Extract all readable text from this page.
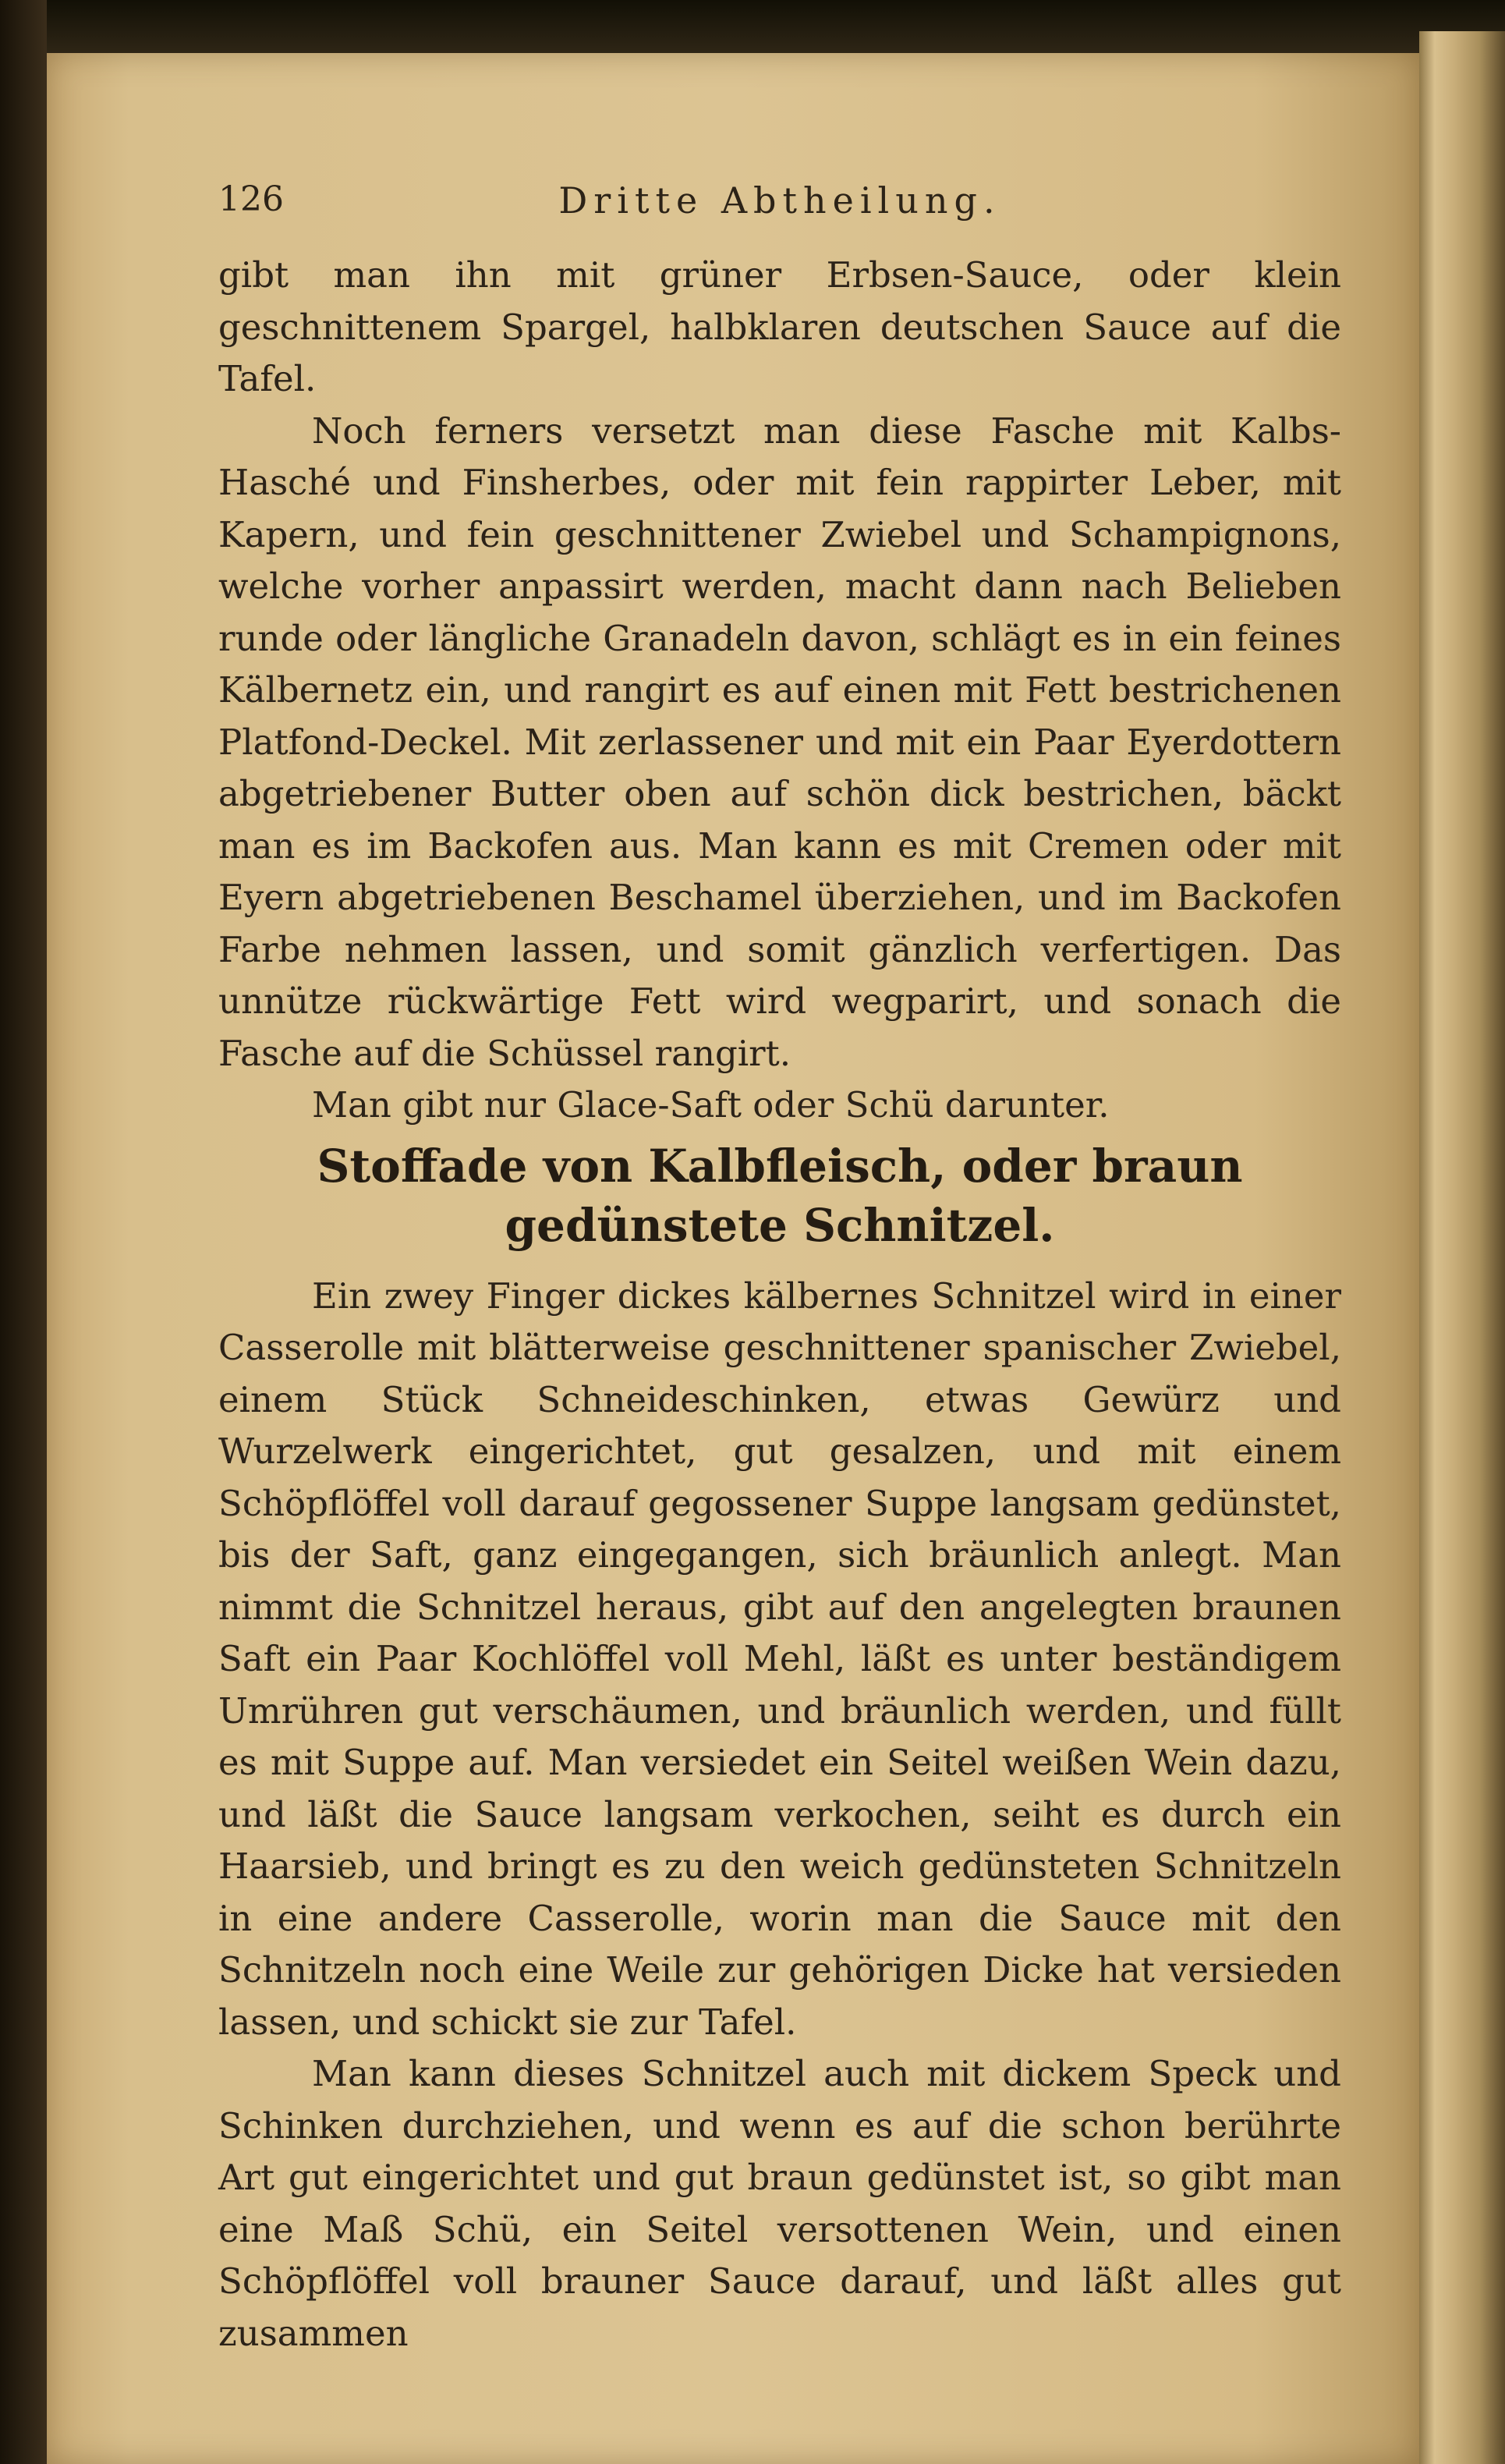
126	Dritte Abtheilung.

gibt man ihn mit grüner Erbsen-Sauce, oder klein geschnittenem Spargel, halbklaren deutschen Sauce auf die Tafel.

Noch ferners versetzt man diese Fasche mit Kalbs-Hasché und Finsherbes, oder mit fein rappirter Leber, mit Kapern, und fein geschnittener Zwiebel und Schampignons, welche vorher anpassirt werden, macht dann nach Belieben runde oder längliche Granadeln davon, schlägt es in ein feines Kälbernetz ein, und rangirt es auf einen mit Fett bestrichenen Platfond-Deckel. Mit zerlassener und mit ein Paar Eyerdottern abgetriebener Butter oben auf schön dick bestrichen, bäckt man es im Backofen aus. Man kann es mit Cremen oder mit Eyern abgetriebenen Beschamel überziehen, und im Backofen Farbe nehmen lassen, und somit gänzlich verfertigen. Das unnütze rückwärtige Fett wird wegparirt, und sonach die Fasche auf die Schüssel rangirt.

Man gibt nur Glace-Saft oder Schü darunter.

Stoffade von Kalbfleisch, oder braun gedünstete Schnitzel.

Ein zwey Finger dickes kälbernes Schnitzel wird in einer Casserolle mit blätterweise geschnittener spanischer Zwiebel, einem Stück Schneideschinken, etwas Gewürz und Wurzelwerk eingerichtet, gut gesalzen, und mit einem Schöpflöffel voll darauf gegossener Suppe langsam gedünstet, bis der Saft, ganz eingegangen, sich bräunlich anlegt. Man nimmt die Schnitzel heraus, gibt auf den angelegten braunen Saft ein Paar Kochlöffel voll Mehl, läßt es unter beständigem Umrühren gut verschäumen, und bräunlich werden, und füllt es mit Suppe auf. Man versiedet ein Seitel weißen Wein dazu, und läßt die Sauce langsam verkochen, seiht es durch ein Haarsieb, und bringt es zu den weich gedünsteten Schnitzeln in eine andere Casserolle, worin man die Sauce mit den Schnitzeln noch eine Weile zur gehörigen Dicke hat versieden lassen, und schickt sie zur Tafel.

Man kann dieses Schnitzel auch mit dickem Speck und Schinken durchziehen, und wenn es auf die schon berührte Art gut eingerichtet und gut braun gedünstet ist, so gibt man eine Maß Schü, ein Seitel versottenen Wein, und einen Schöpflöffel voll brauner Sauce darauf, und läßt alles gut zusammen
